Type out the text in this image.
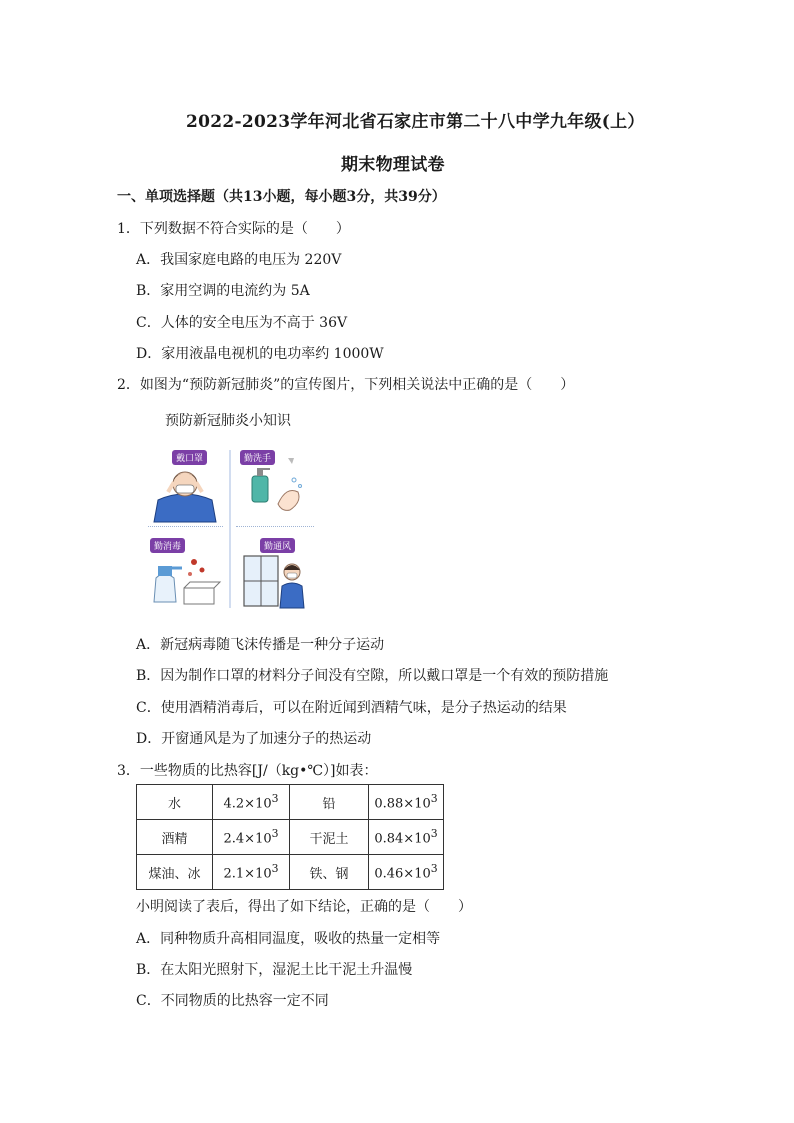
2022-2023学年河北省石家庄市第二十八中学九年级(上）
期末物理试卷
一、单项选择题（共13小题，每小题3分，共39分）
1．下列数据不符合实际的是（　　）
A．我国家庭电路的电压为 220V
B．家用空调的电流约为 5A
C．人体的安全电压为不高于 36V
D．家用液晶电视机的电功率约 1000W
2．如图为“预防新冠肺炎”的宣传图片，下列相关说法中正确的是（　　）
预防新冠肺炎小知识
戴口罩	勤洗手
勤消毒	勤通风
A．新冠病毒随飞沫传播是一种分子运动
B．因为制作口罩的材料分子间没有空隙，所以戴口罩是一个有效的预防措施
C．使用酒精消毒后，可以在附近闻到酒精气味，是分子热运动的结果
D．开窗通风是为了加速分子的热运动
3．一些物质的比热容[J/（kg•℃）]如表：
水	$4.2\times 10^3$	铅	$0.88\times 10^3$
酒精	$2.4\times 10^3$	干泥土	$0.84\times 10^3$
煤油、冰	$2.1\times 10^3$	铁、钢	$0.46\times 10^3$
小明阅读了表后，得出了如下结论，正确的是（　　）
A．同种物质升高相同温度，吸收的热量一定相等
B．在太阳光照射下，湿泥土比干泥土升温慢
C．不同物质的比热容一定不同
